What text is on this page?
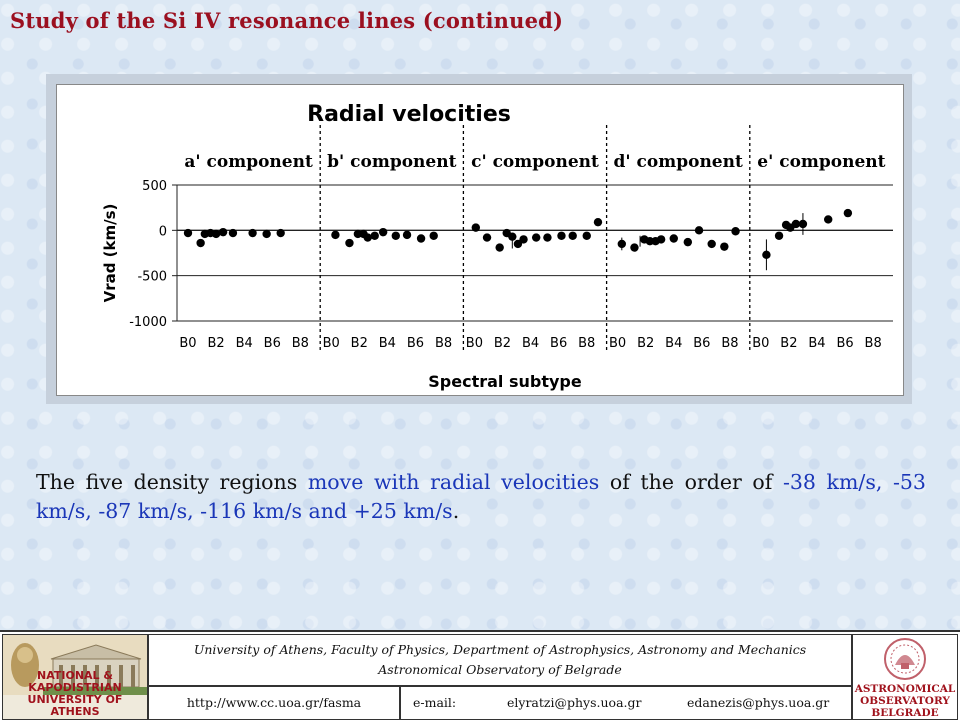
Study of the Si IV resonance lines (continued)
Radial velocities
500
0
-500
-1000
Vrad (km/s)
a' component
B0 B2 B4 B6 B8
b' component
B0 B2 B4 B6 B8
c' component
B0 B2 B4 B6 B8
d' component
B0 B2 B4 B6 B8
e' component
B0 B2 B4 B6 B8
Spectral subtype
The five density regions move with radial velocities of the order of -38 km/s, -53 km/s, -87 km/s, -116 km/s and +25 km/s.
NATIONAL & KAPODISTRIAN
UNIVERSITY OF ATHENS
University of Athens, Faculty of Physics, Department of Astrophysics, Astronomy and Mechanics
Astronomical Observatory of Belgrade
http://www.cc.uoa.gr/fasma	e-mail:	elyratzi@phys.uoa.gr	edanezis@phys.uoa.gr
ASTRONOMICAL
OBSERVATORY
BELGRADE
